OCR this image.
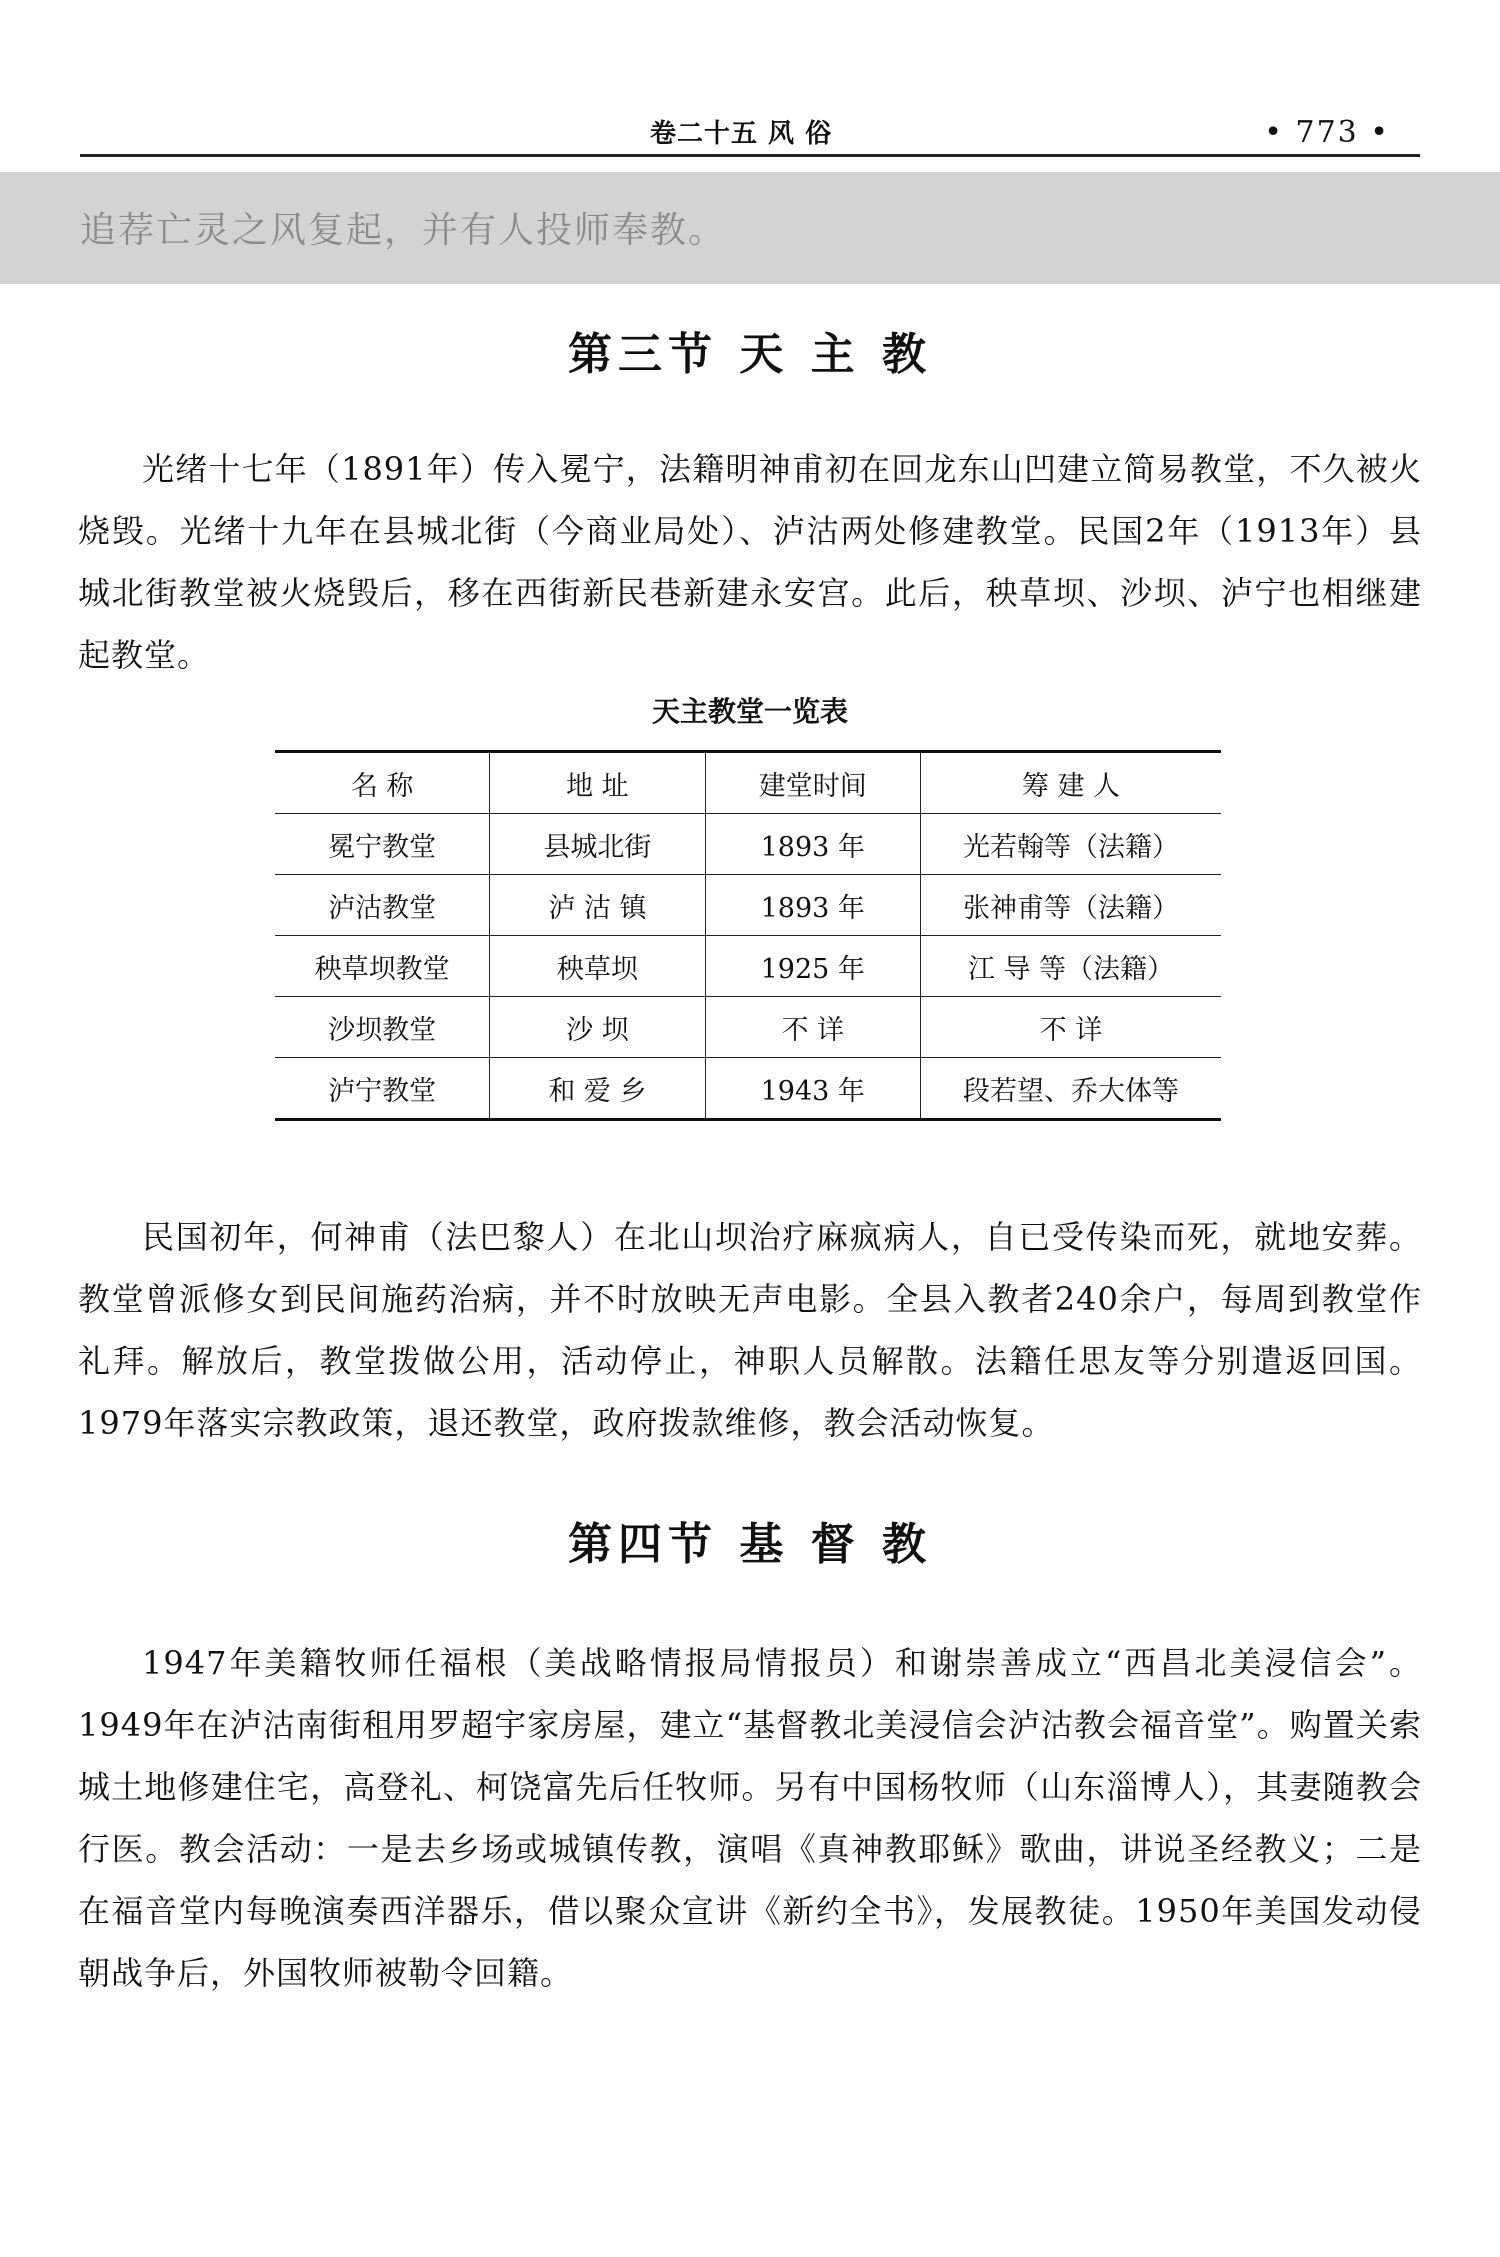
卷二十五 风 俗	• 773 •
追荐亡灵之风复起，并有人投师奉教。
第三节 天 主 教
光绪十七年（1891年）传入冕宁，法籍明神甫初在回龙东山凹建立简易教堂，不久被火烧毁。光绪十九年在县城北街（今商业局处）、泸沽两处修建教堂。民国2年（1913年）县城北街教堂被火烧毁后，移在西街新民巷新建永安宫。此后，秧草坝、沙坝、泸宁也相继建起教堂。
天主教堂一览表
名 称	地 址	建堂时间	筹 建 人
冕宁教堂	县城北街	1893 年	光若翰等（法籍）
泸沽教堂	泸 沽 镇	1893 年	张神甫等（法籍）
秧草坝教堂	秧草坝	1925 年	江 导 等（法籍）
沙坝教堂	沙 坝	不 详	不 详
泸宁教堂	和 爱 乡	1943 年	段若望、乔大体等
民国初年，何神甫（法巴黎人）在北山坝治疗麻疯病人，自已受传染而死，就地安葬。教堂曾派修女到民间施药治病，并不时放映无声电影。全县入教者240余户，每周到教堂作礼拜。解放后，教堂拨做公用，活动停止，神职人员解散。法籍任思友等分别遣返回国。1979年落实宗教政策，退还教堂，政府拨款维修，教会活动恢复。
第四节 基 督 教
1947年美籍牧师任福根（美战略情报局情报员）和谢崇善成立“西昌北美浸信会”。1949年在泸沽南街租用罗超宇家房屋，建立“基督教北美浸信会泸沽教会福音堂”。购置关索城土地修建住宅，高登礼、柯饶富先后任牧师。另有中国杨牧师（山东淄博人），其妻随教会行医。教会活动：一是去乡场或城镇传教，演唱《真神教耶稣》歌曲，讲说圣经教义；二是在福音堂内每晚演奏西洋器乐，借以聚众宣讲《新约全书》，发展教徒。1950年美国发动侵朝战争后，外国牧师被勒令回籍。
